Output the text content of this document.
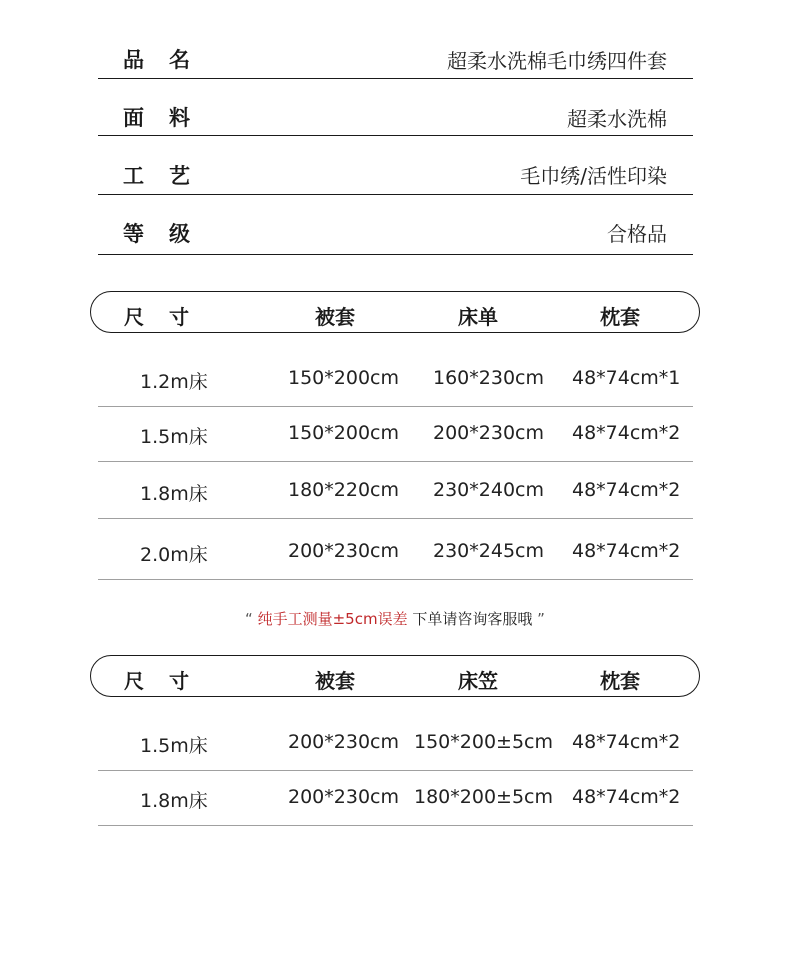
品 名	超柔水洗棉毛巾绣四件套
面 料	超柔水洗棉
工 艺	毛巾绣/活性印染
等 级	合格品
尺 寸	被套	床单	枕套
1.2m床	150*200cm 160*230cm 48*74cm*1
1.5m床	150*200cm 200*230cm 48*74cm*2
1.8m床	180*220cm 230*240cm 48*74cm*2
2.0m床	200*230cm 230*245cm 48*74cm*2
“ 纯手工测量±5cm误差 下单请咨询客服哦 ”
尺 寸	被套	床笠	枕套
1.5m床	200*230cm 150*200±5cm 48*74cm*2
1.8m床	200*230cm 180*200±5cm 48*74cm*2
